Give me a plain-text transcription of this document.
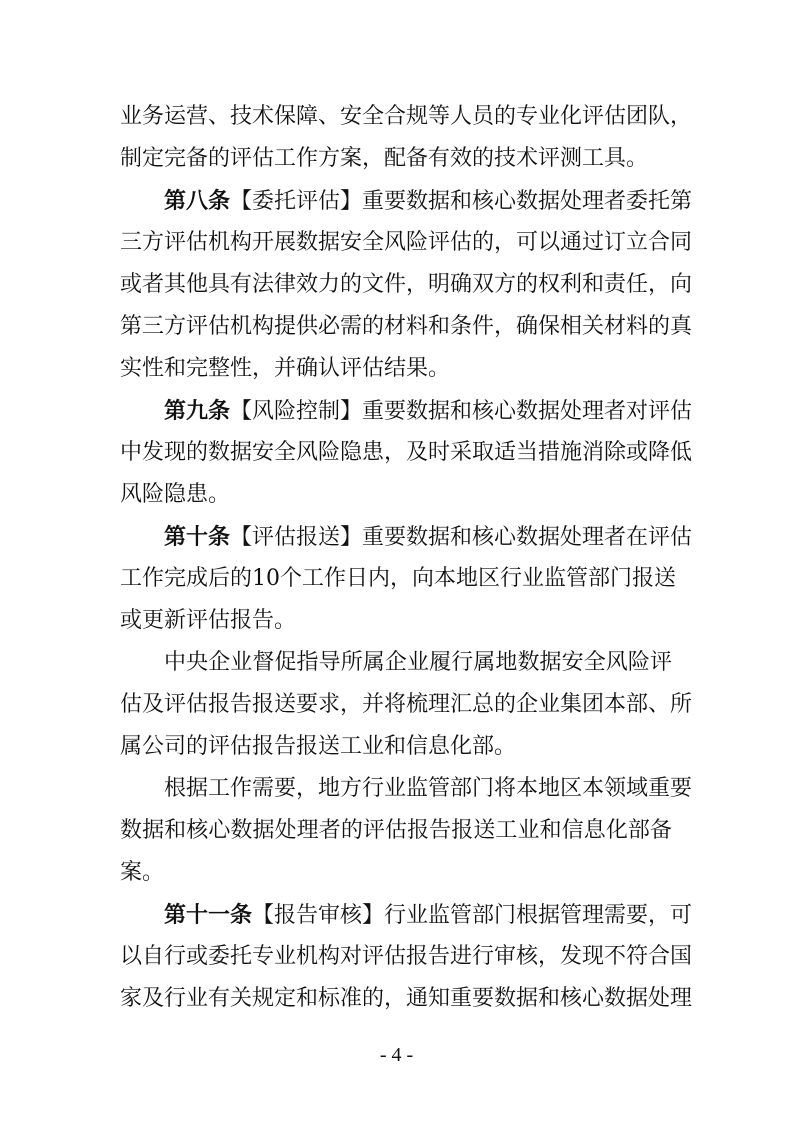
业务运营、技术保障、安全合规等人员的专业化评估团队，
制定完备的评估工作方案，配备有效的技术评测工具。
第八条【委托评估】重要数据和核心数据处理者委托第
三方评估机构开展数据安全风险评估的，可以通过订立合同
或者其他具有法律效力的文件，明确双方的权利和责任，向
第三方评估机构提供必需的材料和条件，确保相关材料的真
实性和完整性，并确认评估结果。
第九条【风险控制】重要数据和核心数据处理者对评估
中发现的数据安全风险隐患，及时采取适当措施消除或降低
风险隐患。
第十条【评估报送】重要数据和核心数据处理者在评估
工作完成后的10个工作日内，向本地区行业监管部门报送
或更新评估报告。
中央企业督促指导所属企业履行属地数据安全风险评
估及评估报告报送要求，并将梳理汇总的企业集团本部、所
属公司的评估报告报送工业和信息化部。
根据工作需要，地方行业监管部门将本地区本领域重要
数据和核心数据处理者的评估报告报送工业和信息化部备
案。
第十一条【报告审核】行业监管部门根据管理需要，可
以自行或委托专业机构对评估报告进行审核，发现不符合国
家及行业有关规定和标准的，通知重要数据和核心数据处理
- 4 -
